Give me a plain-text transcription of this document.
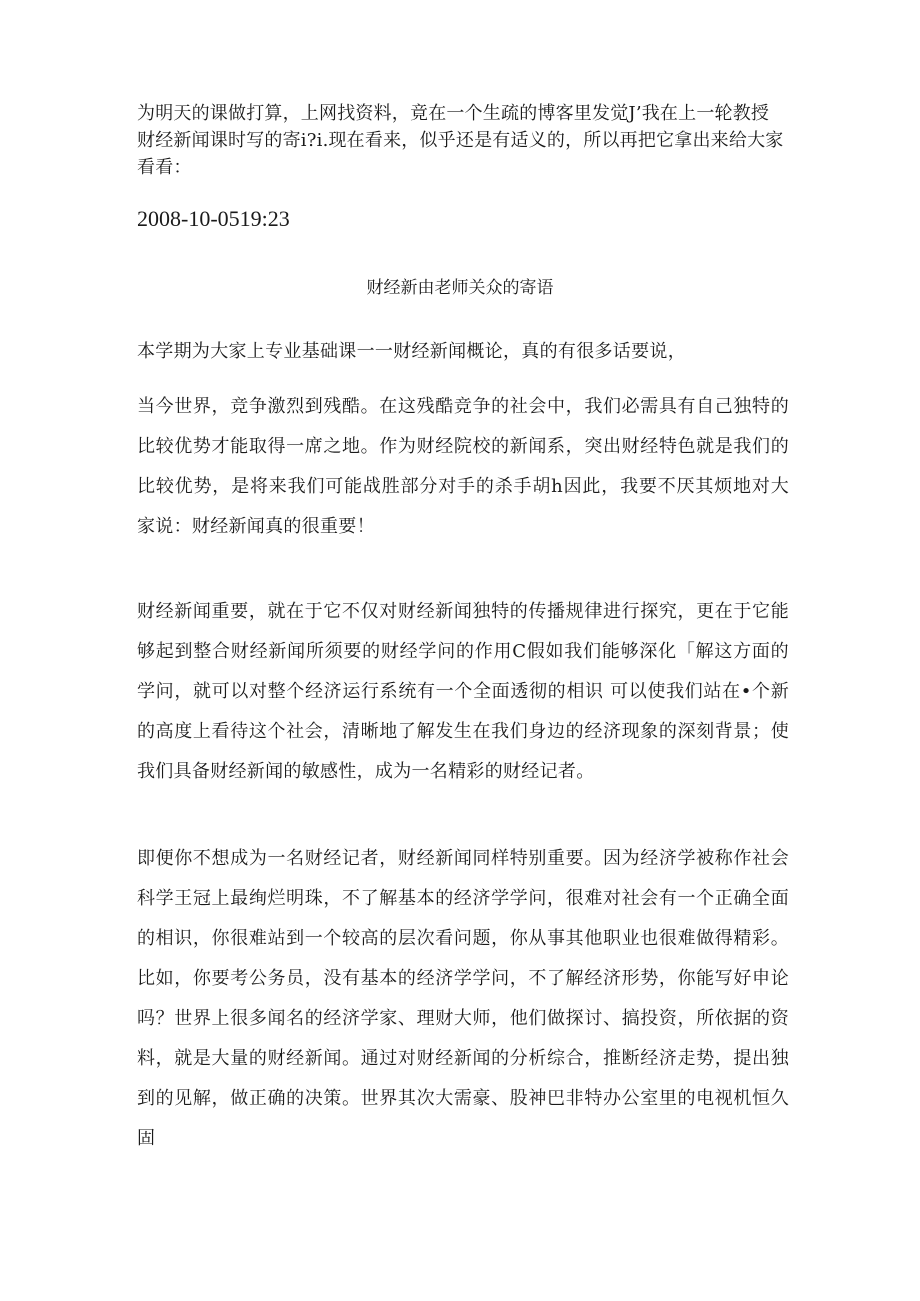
为明天的课做打算，上网找资料，竟在一个生疏的博客里发觉J’我在上一轮教授财经新闻课时写的寄i?i.现在看来，似乎还是有适义的，所以再把它拿出来给大家看看：

2008-10-0519:23

财经新由老师关众的寄语

本学期为大家上专业基础课一一财经新闻概论，真的有很多话要说，

当今世界，竞争激烈到残酷。在这残酷竞争的社会中，我们必需具有自己独特的比较优势才能取得一席之地。作为财经院校的新闻系，突出财经特色就是我们的比较优势，是将来我们可能战胜部分对手的杀手胡h因此，我要不厌其烦地对大家说：财经新闻真的很重要！

财经新闻重要，就在于它不仅对财经新闻独特的传播规律进行探究，更在于它能够起到整合财经新闻所须要的财经学问的作用C假如我们能够深化「解这方面的学问，就可以对整个经济运行系统有一个全面透彻的相识 可以使我们站在•个新的高度上看待这个社会，清晰地了解发生在我们身边的经济现象的深刻背景；使我们具备财经新闻的敏感性，成为一名精彩的财经记者。

即便你不想成为一名财经记者，财经新闻同样特别重要。因为经济学被称作社会科学王冠上最绚烂明珠，不了解基本的经济学学问，很难对社会有一个正确全面的相识，你很难站到一个较高的层次看问题，你从事其他职业也很难做得精彩。比如，你要考公务员，没有基本的经济学学问，不了解经济形势，你能写好申论吗？世界上很多闻名的经济学家、理财大师，他们做探讨、搞投资，所依据的资料，就是大量的财经新闻。通过对财经新闻的分析综合，推断经济走势，提出独到的见解，做正确的决策。世界其次大需豪、股神巴非特办公室里的电视机恒久固
